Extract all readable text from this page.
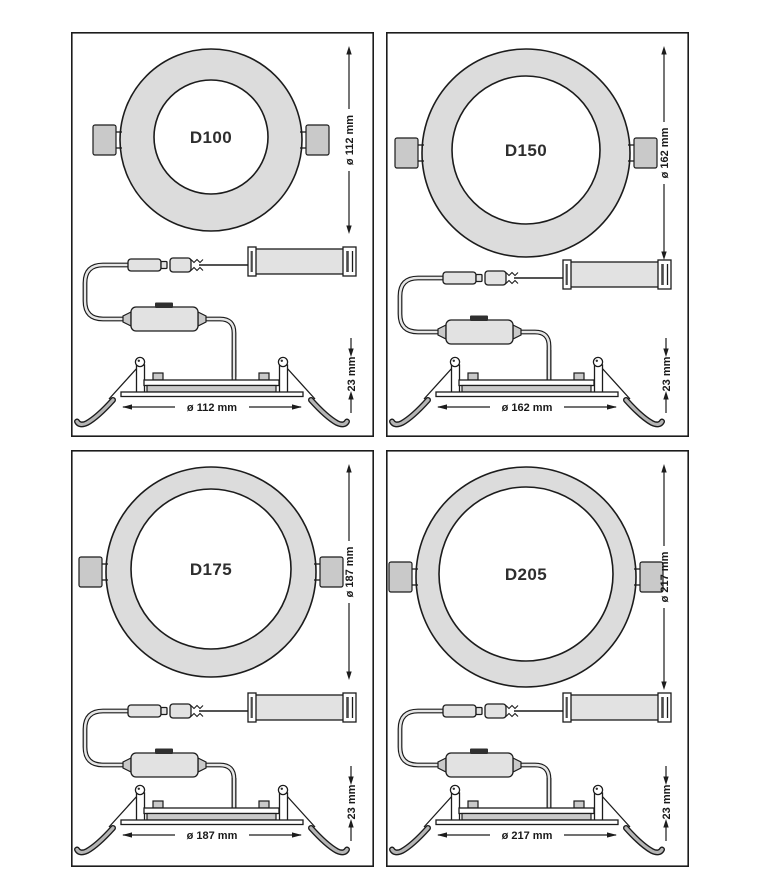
D100	ø 112 mm
ø 112 mm
23 mm
D150	ø 162 mm
ø 162 mm
23 mm
D175	ø 187 mm
ø 187 mm
23 mm
D205	ø 217 mm
ø 217 mm
23 mm
